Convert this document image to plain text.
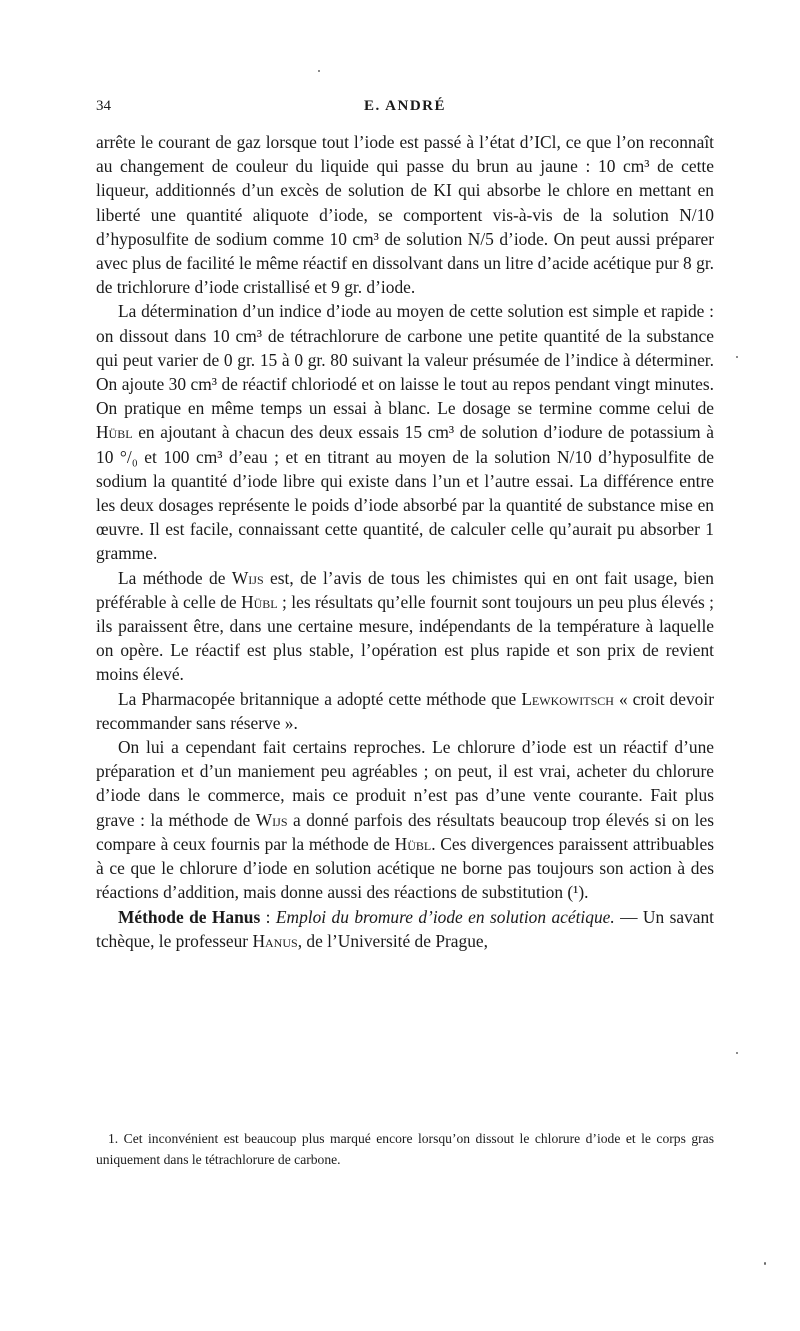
34	E. ANDRÉ

arrête le courant de gaz lorsque tout l’iode est passé à l’état d’ICl, ce que l’on reconnaît au changement de couleur du liquide qui passe du brun au jaune : 10 cm³ de cette liqueur, additionnés d’un excès de solution de KI qui absorbe le chlore en mettant en liberté une quantité aliquote d’iode, se comportent vis-à-vis de la solution N/10 d’hyposulfite de sodium comme 10 cm³ de solution N/5 d’iode. On peut aussi préparer avec plus de facilité le même réactif en dissolvant dans un litre d’acide acétique pur 8 gr. de trichlorure d’iode cristallisé et 9 gr. d’iode.

La détermination d’un indice d’iode au moyen de cette solution est simple et rapide : on dissout dans 10 cm³ de tétrachlorure de carbone une petite quantité de la substance qui peut varier de 0 gr. 15 à 0 gr. 80 suivant la valeur présumée de l’indice à déterminer. On ajoute 30 cm³ de réactif chloriodé et on laisse le tout au repos pendant vingt minutes. On pratique en même temps un essai à blanc. Le dosage se termine comme celui de Hübl en ajoutant à chacun des deux essais 15 cm³ de solution d’iodure de potassium à 10 °/₀ et 100 cm³ d’eau ; et en titrant au moyen de la solution N/10 d’hyposulfite de sodium la quantité d’iode libre qui existe dans l’un et l’autre essai. La différence entre les deux dosages représente le poids d’iode absorbé par la quantité de substance mise en œuvre. Il est facile, connaissant cette quantité, de calculer celle qu’aurait pu absorber 1 gramme.

La méthode de Wijs est, de l’avis de tous les chimistes qui en ont fait usage, bien préférable à celle de Hübl ; les résultats qu’elle fournit sont toujours un peu plus élevés ; ils paraissent être, dans une certaine mesure, indépendants de la température à laquelle on opère. Le réactif est plus stable, l’opération est plus rapide et son prix de revient moins élevé.

La Pharmacopée britannique a adopté cette méthode que Lewkowitsch « croit devoir recommander sans réserve ».

On lui a cependant fait certains reproches. Le chlorure d’iode est un réactif d’une préparation et d’un maniement peu agréables ; on peut, il est vrai, acheter du chlorure d’iode dans le commerce, mais ce produit n’est pas d’une vente courante. Fait plus grave : la méthode de Wijs a donné parfois des résultats beaucoup trop élevés si on les compare à ceux fournis par la méthode de Hübl. Ces divergences paraissent attribuables à ce que le chlorure d’iode en solution acétique ne borne pas toujours son action à des réactions d’addition, mais donne aussi des réactions de substitution (¹).

Méthode de Hanus : Emploi du bromure d’iode en solution acétique. — Un savant tchèque, le professeur Hanus, de l’Université de Prague,

1. Cet inconvénient est beaucoup plus marqué encore lorsqu’on dissout le chlorure d’iode et le corps gras uniquement dans le tétrachlorure de carbone.
